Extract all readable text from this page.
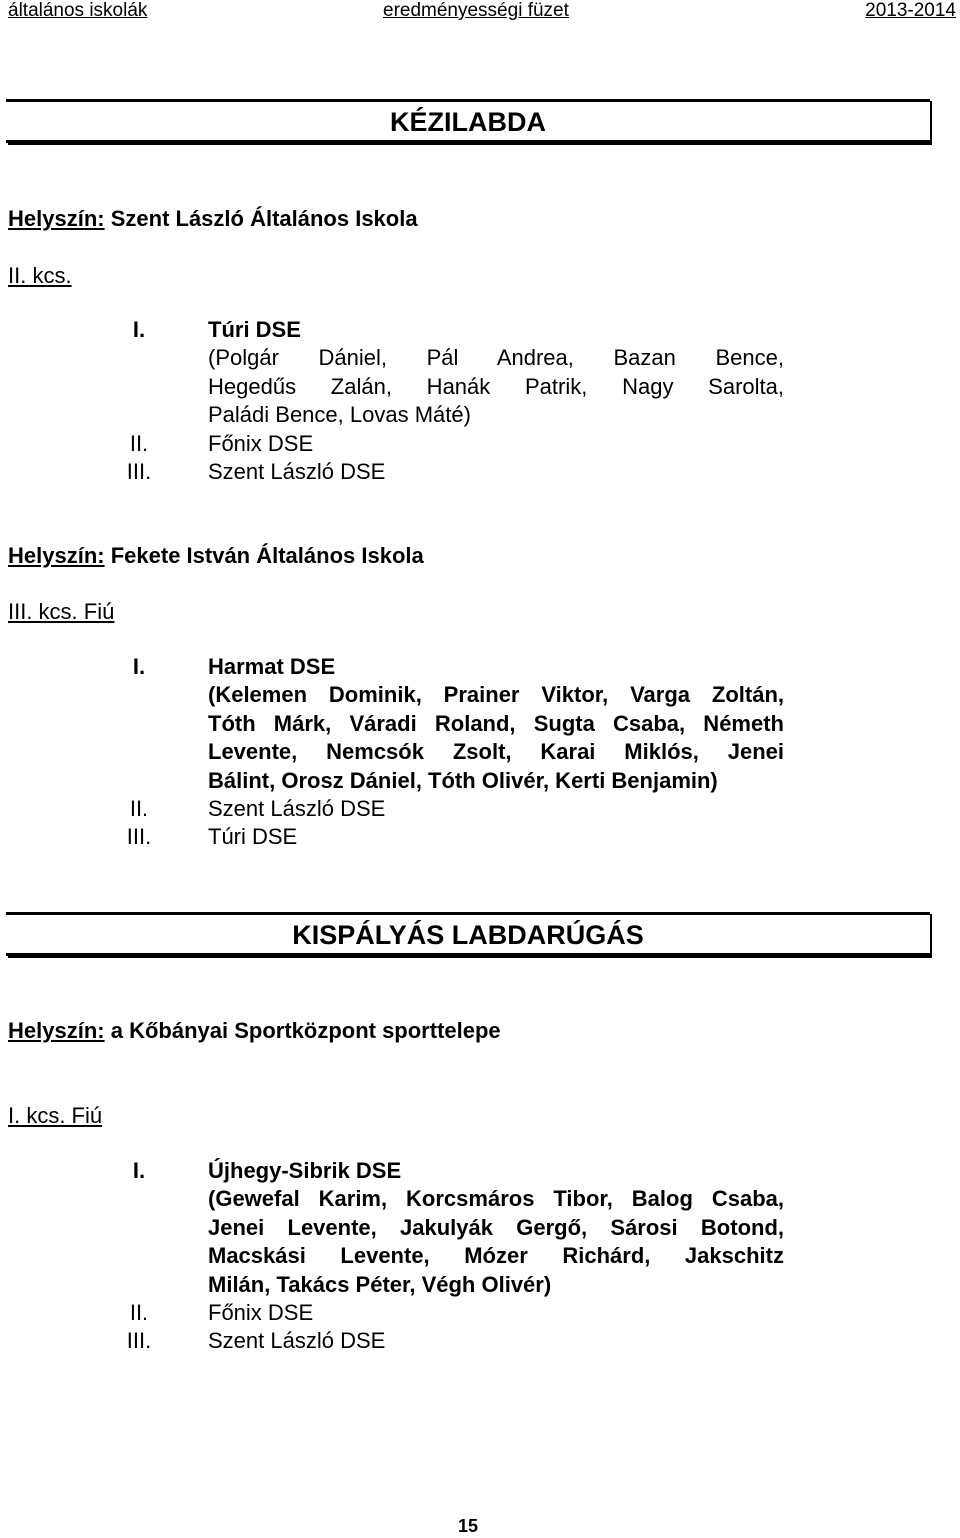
általános iskolák	eredményességi füzet	2013-2014
KÉZILABDA
Helyszín: Szent László Általános Iskola
II. kcs.
I.	Túri DSE
(Polgár Dániel, Pál Andrea, Bazan Bence,
Hegedűs Zalán, Hanák Patrik, Nagy Sarolta,
Paládi Bence, Lovas Máté)
II.	Főnix DSE
III.	Szent László DSE
Helyszín: Fekete István Általános Iskola
III. kcs. Fiú
I.	Harmat DSE
(Kelemen Dominik, Prainer Viktor, Varga Zoltán,
Tóth Márk, Váradi Roland, Sugta Csaba, Németh
Levente, Nemcsók Zsolt, Karai Miklós, Jenei
Bálint, Orosz Dániel, Tóth Olivér, Kerti Benjamin)
II.	Szent László DSE
III.	Túri DSE
KISPÁLYÁS LABDARÚGÁS
Helyszín: a Kőbányai Sportközpont sporttelepe
I. kcs. Fiú
I.	Újhegy-Sibrik DSE
(Gewefal Karim, Korcsmáros Tibor, Balog Csaba,
Jenei Levente, Jakulyák Gergő, Sárosi Botond,
Macskási Levente, Mózer Richárd, Jakschitz
Milán, Takács Péter, Végh Olivér)
II.	Főnix DSE
III.	Szent László DSE
15
